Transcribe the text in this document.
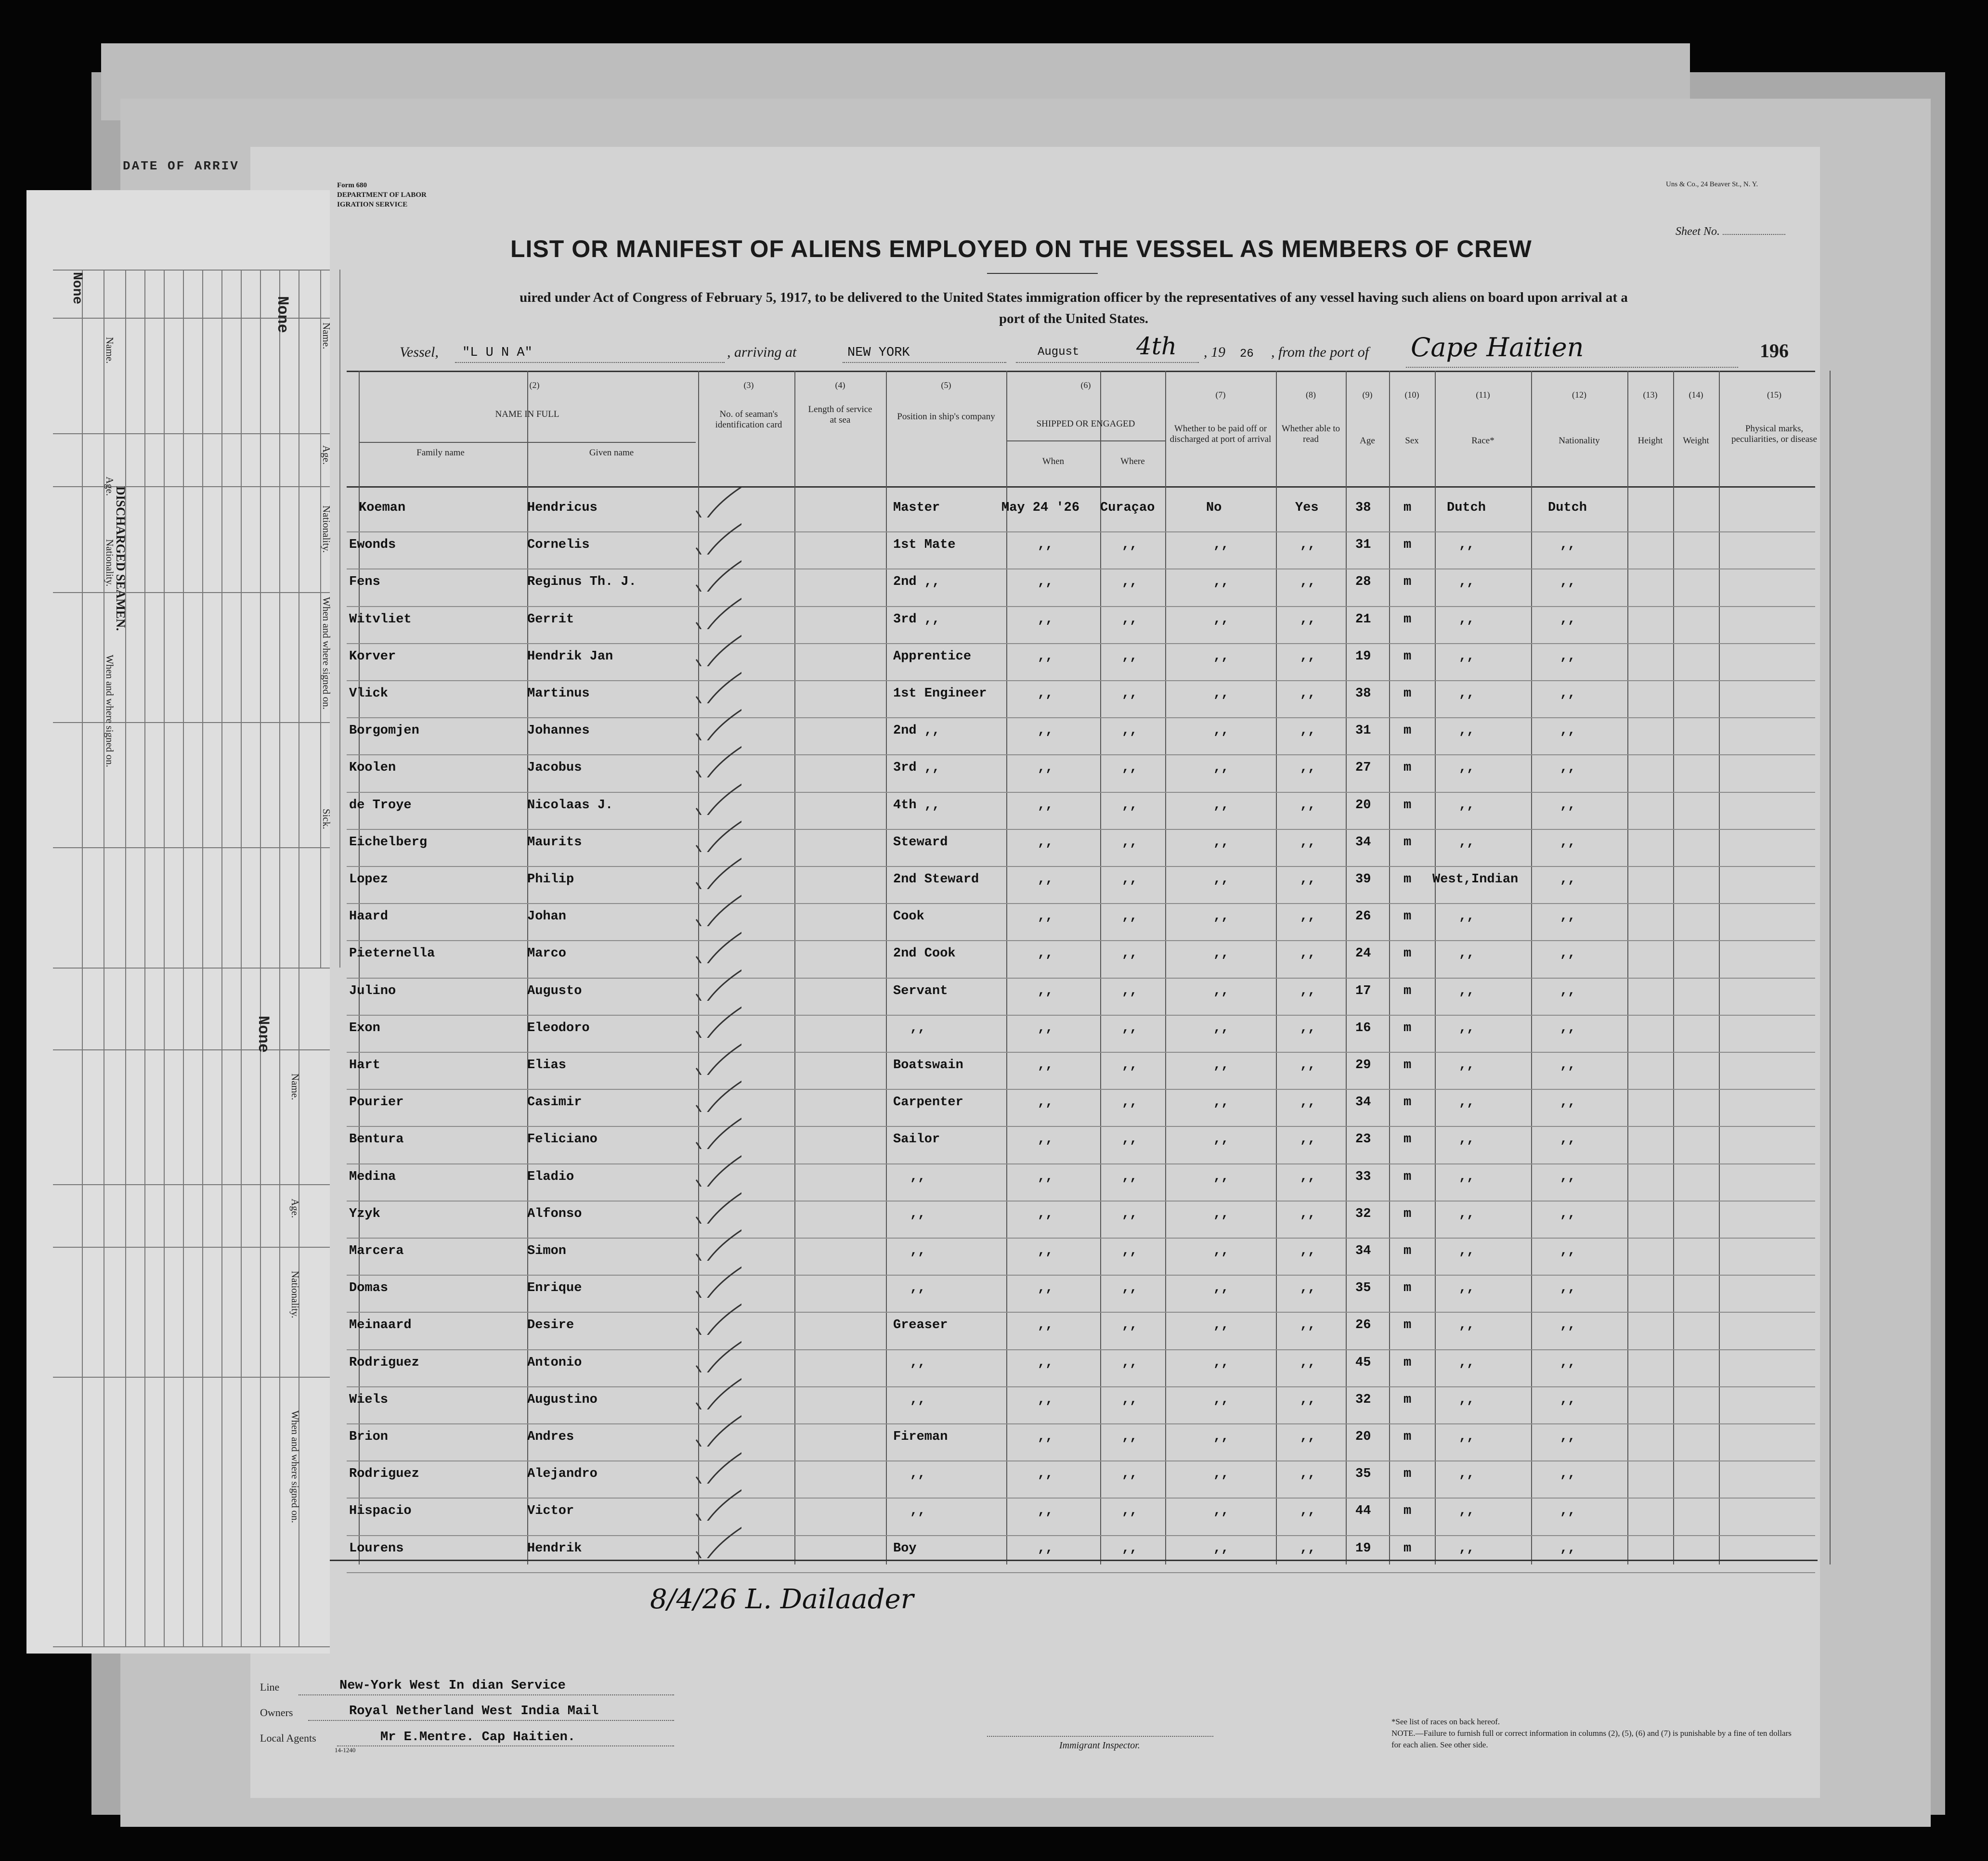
DATE OF ARRIV
Form 680
DEPARTMENT OF LABOR
IGRATION SERVICE
Uns & Co., 24 Beaver St., N. Y.
LIST OR MANIFEST OF ALIENS EMPLOYED ON THE VESSEL AS MEMBERS OF CREW
Sheet No.
uired under Act of Congress of February 5, 1917, to be delivered to the United States immigration officer by the representatives of any vessel having such aliens on board upon arrival at a
port of the United States.
Vessel, "L U N A"	, arriving at	NEW YORK	August 4th , 19 26 , from the port of Cape Haitien	196
(2)
NAME IN FULL
Family name	Given name
(3)
No. of seaman's identification card
(4)
Length of service at sea
(5)
Position in ship's company
(6)
SHIPPED OR ENGAGED
When	Where
(7)
Whether to be paid off or discharged at port of arrival
(8)
Whether able to read
(9)
Age
(10)
Sex
(11)
Race*
(12)
Nationality
(13)
Height
(14)
Weight
(15)
Physical marks, peculiarities, or disease
Koeman	Hendricus	Master	May 24 '26 Curaçao	No	Yes	38	m	Dutch	Dutch
Ewonds	Cornelis	1st Mate	,,	,,	,,	,,	31	m	,,	,,
Fens	Reginus Th. J.	2nd ,,	,,	,,	,,	,,	28	m	,,	,,
Witvliet	Gerrit	3rd ,,	,,	,,	,,	,,	21	m	,,	,,
Korver	Hendrik Jan	Apprentice	,,	,,	,,	,,	19	m	,,	,,
Vlick	Martinus	1st Engineer	,,	,,	,,	,,	38	m	,,	,,
Borgomjen	Johannes	2nd ,,	,,	,,	,,	,,	31	m	,,	,,
Koolen	Jacobus	3rd ,,	,,	,,	,,	,,	27	m	,,	,,
de Troye	Nicolaas J.	4th ,,	,,	,,	,,	,,	20	m	,,	,,
Eichelberg	Maurits	Steward	,,	,,	,,	,,	34	m	,,	,,
Lopez	Philip	2nd Steward	,,	,,	,,	,,	39	m West,Indian	,,
Haard	Johan	Cook	,,	,,	,,	,,	26	m	,,	,,
Pieternella	Marco	2nd Cook	,,	,,	,,	,,	24	m	,,	,,
Julino	Augusto	Servant	,,	,,	,,	,,	17	m	,,	,,
Exon	Eleodoro	,,	,,	,,	,,	,,	16	m	,,	,,
Hart	Elias	Boatswain	,,	,,	,,	,,	29	m	,,	,,
Pourier	Casimir	Carpenter	,,	,,	,,	,,	34	m	,,	,,
Bentura	Feliciano	Sailor	,,	,,	,,	,,	23	m	,,	,,
Medina	Eladio	,,	,,	,,	,,	,,	33	m	,,	,,
Yzyk	Alfonso	,,	,,	,,	,,	,,	32	m	,,	,,
Marcera	Simon	,,	,,	,,	,,	,,	34	m	,,	,,
Domas	Enrique	,,	,,	,,	,,	,,	35	m	,,	,,
Meinaard	Desire	Greaser	,,	,,	,,	,,	26	m	,,	,,
Rodriguez	Antonio	,,	,,	,,	,,	,,	45	m	,,	,,
Wiels	Augustino	,,	,,	,,	,,	,,	32	m	,,	,,
Brion	Andres	Fireman	,,	,,	,,	,,	20	m	,,	,,
Rodriguez	Alejandro	,,	,,	,,	,,	,,	35	m	,,	,,
Hispacio	Victor	,,	,,	,,	,,	,,	44	m	,,	,,
Lourens	Hendrik	Boy	,,	,,	,,	,,	19	m	,,	,,
8/4/26 L. Dailaader
Line	New-York West In dian Service
Owners	Royal Netherland West India Mail
Local Agents	Mr E.Mentre. Cap Haitien.
14-1240	Immigrant Inspector.
*See list of races on back hereof.
NOTE.—Failure to furnish full or correct information in columns (2), (5), (6) and (7) is punishable by a fine of ten dollars for each alien. See other side.
DISCHARGED SEAMEN.
Name.
Age.
Nationality.
When and where signed on.
Name.
Age.
Nationality.
When and where signed on.
Sick.
Name.
Age.
Nationality.
When and where signed on.
None
None
None
